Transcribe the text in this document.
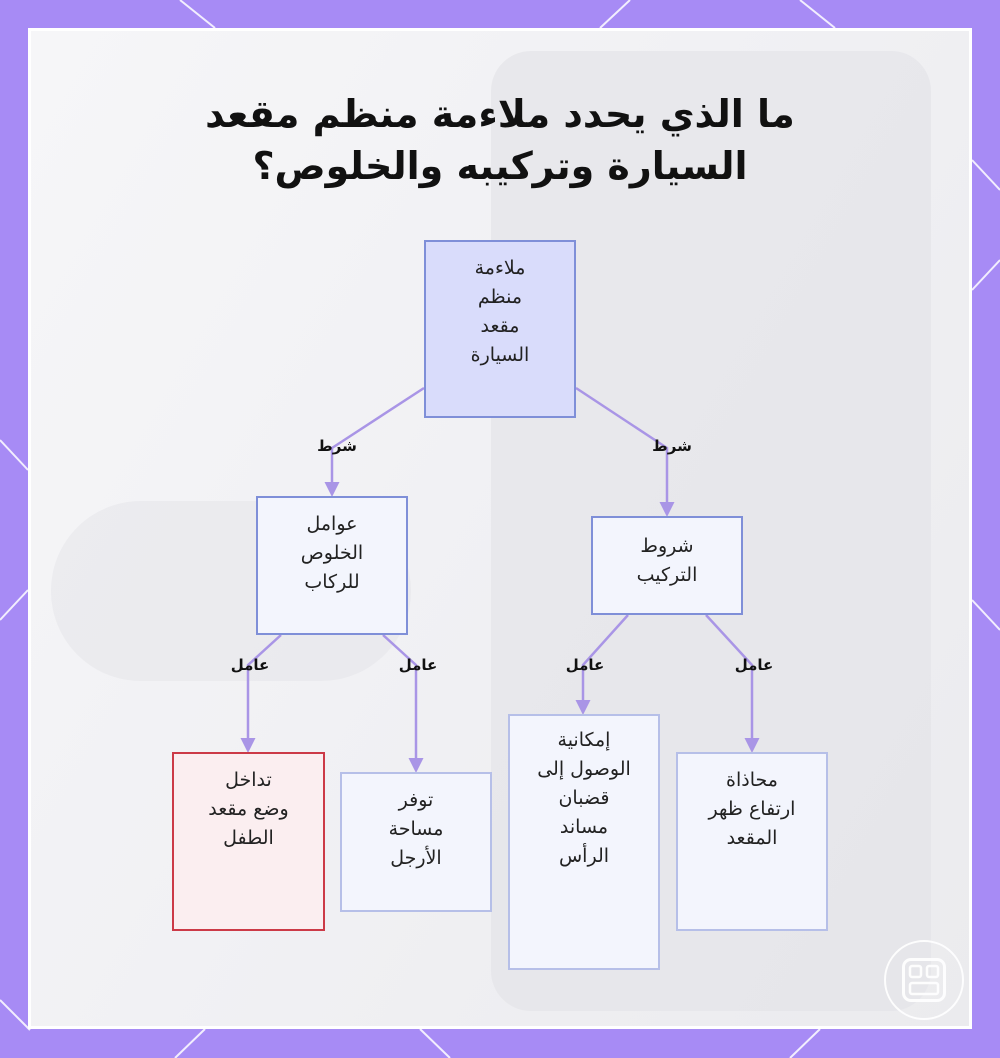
ما الذي يحدد ملاءمة منظم مقعد
السيارة وتركيبه والخلوص؟
شرط	شرط
عامل	عامل	عامل	عامل
ملاءمة
منظم
مقعد
السيارة
عوامل
الخلوص
للركاب
شروط
التركيب
تداخل
وضع مقعد
الطفل
توفر
مساحة
الأرجل
إمكانية
الوصول إلى
قضبان
مساند
الرأس
محاذاة
ارتفاع ظهر
المقعد
